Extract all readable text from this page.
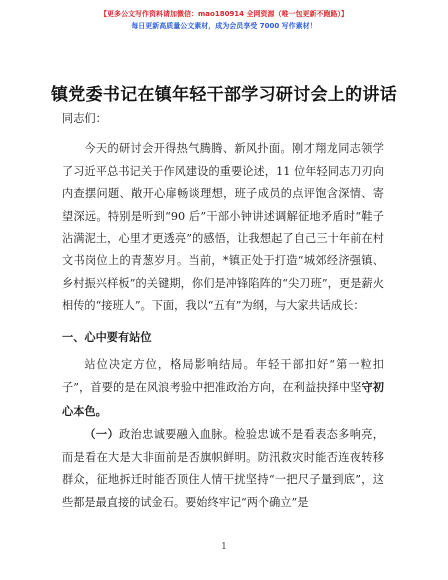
【更多公文写作资料请加微信：mao180914 全网资源（唯一包更新不跑路）】
每日更新高质量公文素材，成为会员享受 7000 写作素材！
镇党委书记在镇年轻干部学习研讨会上的讲话

同志们：

今天的研讨会开得热气腾腾、新风扑面。刚才翔龙同志领学了习近平总书记关于作风建设的重要论述，11 位年轻同志刀刃向内查摆问题、敞开心扉畅谈理想，班子成员的点评饱含深情、寄望深远。特别是听到“90 后”干部小钟讲述调解征地矛盾时“鞋子沾满泥土，心里才更透亮”的感悟，让我想起了自己三十年前在村文书岗位上的青葱岁月。当前，*镇正处于打造“城郊经济强镇、乡村振兴样板”的关键期，你们是冲锋陷阵的“尖刀班”，更是薪火相传的“接班人”。下面，我以“五有”为纲，与大家共话成长：

一、心中要有站位

站位决定方位，格局影响结局。年轻干部扣好“第一粒扣子”，首要的是在风浪考验中把准政治方向，在利益抉择中坚守初心本色。

（一）政治忠诚要融入血脉。检验忠诚不是看表态多响亮，而是看在大是大非面前是否旗帜鲜明。防汛救灾时能否连夜转移群众，征地拆迁时能否顶住人情干扰坚持“一把尺子量到底”，这些都是最直接的试金石。要始终牢记“两个确立”是

1
